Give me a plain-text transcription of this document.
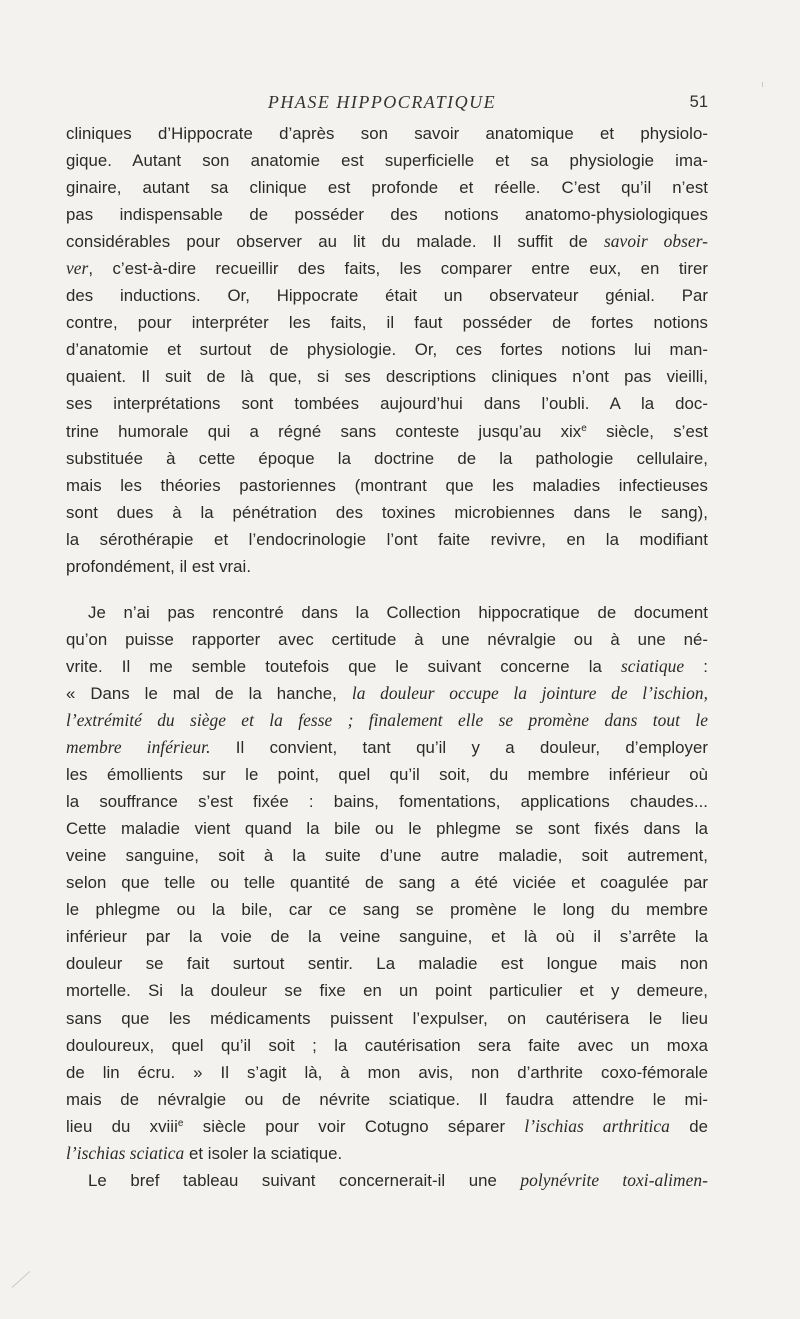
PHASE HIPPOCRATIQUE	51
cliniques d’Hippocrate d’après son savoir anatomique et physiolo-
gique. Autant son anatomie est superficielle et sa physiologie ima-
ginaire, autant sa clinique est profonde et réelle. C’est qu’il n’est
pas indispensable de posséder des notions anatomo-physiologiques
considérables pour observer au lit du malade. Il suffit de savoir obser-
ver, c’est-à-dire recueillir des faits, les comparer entre eux, en tirer
des inductions. Or, Hippocrate était un observateur génial. Par
contre, pour interpréter les faits, il faut posséder de fortes notions
d’anatomie et surtout de physiologie. Or, ces fortes notions lui man-
quaient. Il suit de là que, si ses descriptions cliniques n’ont pas vieilli,
ses interprétations sont tombées aujourd’hui dans l’oubli. A la doc-
trine humorale qui a régné sans conteste jusqu’au xix$^e$ siècle, s’est
substituée à cette époque la doctrine de la pathologie cellulaire,
mais les théories pastoriennes (montrant que les maladies infectieuses
sont dues à la pénétration des toxines microbiennes dans le sang),
la sérothérapie et l’endocrinologie l’ont faite revivre, en la modifiant
profondément, il est vrai.
Je n’ai pas rencontré dans la Collection hippocratique de document
qu’on puisse rapporter avec certitude à une névralgie ou à une né-
vrite. Il me semble toutefois que le suivant concerne la sciatique :
« Dans le mal de la hanche, la douleur occupe la jointure de l’ischion,
l’extrémité du siège et la fesse ; finalement elle se promène dans tout le
membre inférieur. Il convient, tant qu’il y a douleur, d’employer
les émollients sur le point, quel qu’il soit, du membre inférieur où
la souffrance s’est fixée : bains, fomentations, applications chaudes...
Cette maladie vient quand la bile ou le phlegme se sont fixés dans la
veine sanguine, soit à la suite d’une autre maladie, soit autrement,
selon que telle ou telle quantité de sang a été viciée et coagulée par
le phlegme ou la bile, car ce sang se promène le long du membre
inférieur par la voie de la veine sanguine, et là où il s’arrête la
douleur se fait surtout sentir. La maladie est longue mais non
mortelle. Si la douleur se fixe en un point particulier et y demeure,
sans que les médicaments puissent l’expulser, on cautérisera le lieu
douloureux, quel qu’il soit ; la cautérisation sera faite avec un moxa
de lin écru. » Il s’agit là, à mon avis, non d’arthrite coxo-fémorale
mais de névralgie ou de névrite sciatique. Il faudra attendre le mi-
lieu du xviii$^e$ siècle pour voir Cotugno séparer l’ischias arthritica de
l’ischias sciatica et isoler la sciatique.
Le bref tableau suivant concernerait-il une polynévrite toxi-alimen-
